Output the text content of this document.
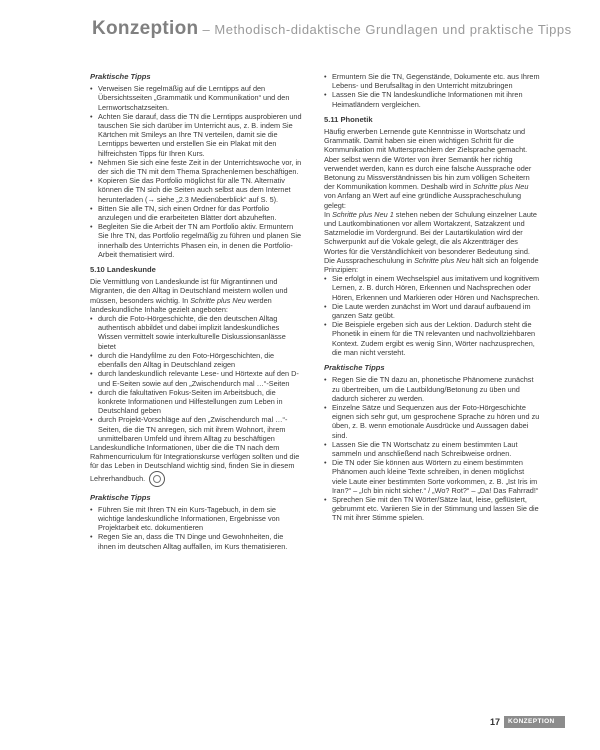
Konzeption – Methodisch-didaktische Grundlagen und praktische Tipps
Praktische Tipps
• Verweisen Sie regelmäßig auf die Lerntipps auf den Übersichtsseiten „Grammatik und Kommunikation“ und den Lernwortschatzseiten.
• Achten Sie darauf, dass die TN die Lerntipps ausprobieren und tauschen Sie sich darüber im Unterricht aus, z. B. indem Sie Kärtchen mit Smileys an Ihre TN verteilen, damit sie die Lerntipps bewerten und erstellen Sie ein Plakat mit den hilfreichsten Tipps für Ihren Kurs.
• Nehmen Sie sich eine feste Zeit in der Unterrichtswoche vor, in der sich die TN mit dem Thema Sprachenlernen beschäftigen.
• Kopieren Sie das Portfolio möglichst für alle TN. Alternativ können die TN sich die Seiten auch selbst aus dem Internet herunterladen (→ siehe „2.3 Medienüberblick“ auf S. 5).
• Bitten Sie alle TN, sich einen Ordner für das Portfolio anzulegen und die erarbeiteten Blätter dort abzuheften.
• Begleiten Sie die Arbeit der TN am Portfolio aktiv. Ermuntern Sie Ihre TN, das Portfolio regelmäßig zu führen und planen Sie innerhalb des Unterrichts Phasen ein, in denen die Portfolio-Arbeit thematisiert wird.
5.10 Landeskunde

Die Vermittlung von Landeskunde ist für Migrantinnen und Migranten, die den Alltag in Deutschland meistern wollen und müssen, besonders wichtig. In Schritte plus Neu werden landeskundliche Inhalte gezielt angeboten:

• durch die Foto-Hörgeschichte, die den deutschen Alltag authentisch abbildet und dabei implizit landeskundliches Wissen vermittelt sowie interkulturelle Diskussionsanlässe bietet
• durch die Handyfilme zu den Foto-Hörgeschichten, die ebenfalls den Alltag in Deutschland zeigen
• durch landeskundlich relevante Lese- und Hörtexte auf den D- und E-Seiten sowie auf den „Zwischendurch mal …“-Seiten
• durch die fakultativen Fokus-Seiten im Arbeitsbuch, die konkrete Informationen und Hilfestellungen zum Leben in Deutschland geben
• durch Projekt-Vorschläge auf den „Zwischendurch mal …“-Seiten, die die TN anregen, sich mit ihrem Wohnort, ihrem unmittelbaren Umfeld und ihrem Alltag zu beschäftigen

Landeskundliche Informationen, über die die TN nach dem Rahmencurriculum für Integrationskurse verfügen sollten und die für das Leben in Deutschland wichtig sind, finden Sie in diesem Lehrerhandbuch.

Praktische Tipps
• Führen Sie mit Ihren TN ein Kurs-Tagebuch, in dem sie wichtige landeskundliche Informationen, Ergebnisse von Projektarbeit etc. dokumentieren
• Regen Sie an, dass die TN Dinge und Gewohnheiten, die ihnen im deutschen Alltag auffallen, im Kurs thematisieren.
• Ermuntern Sie die TN, Gegenstände, Dokumente etc. aus Ihrem Lebens- und Berufsalltag in den Unterricht mitzubringen
• Lassen Sie die TN landeskundliche Informationen mit ihren Heimatländern vergleichen.
5.11 Phonetik

Häufig erwerben Lernende gute Kenntnisse in Wortschatz und Grammatik. Damit haben sie einen wichtigen Schritt für die Kommunikation mit Muttersprachlern der Zielsprache gemacht. Aber selbst wenn die Wörter von ihrer Semantik her richtig verwendet werden, kann es durch eine falsche Aussprache oder Betonung zu Missverständnissen bis hin zum völligen Scheitern der Kommunikation kommen. Deshalb wird in Schritte plus Neu von Anfang an Wert auf eine gründliche Ausspracheschulung gelegt:

In Schritte plus Neu 1 stehen neben der Schulung einzelner Laute und Lautkombinationen vor allem Wortakzent, Satzakzent und Satzmelodie im Vordergrund. Bei der Lautartikulation wird der Schwerpunkt auf die Vokale gelegt, die als Akzentträger des Wortes für die Verständlichkeit von besonderer Bedeutung sind.

Die Ausspracheschulung in Schritte plus Neu hält sich an folgende Prinzipien:

• Sie erfolgt in einem Wechselspiel aus imitativem und kognitivem Lernen, z. B. durch Hören, Erkennen und Nachsprechen oder Hören, Erkennen und Markieren oder Hören und Nachsprechen.
• Die Laute werden zunächst im Wort und darauf aufbauend im ganzen Satz geübt.
• Die Beispiele ergeben sich aus der Lektion. Dadurch steht die Phonetik in einem für die TN relevanten und nachvollziehbaren Kontext. Zudem ergibt es wenig Sinn, Wörter nachzusprechen, die man nicht versteht.
Praktische Tipps
• Regen Sie die TN dazu an, phonetische Phänomene zunächst zu übertreiben, um die Lautbildung/Betonung zu üben und dadurch sicherer zu werden.
• Einzelne Sätze und Sequenzen aus der Foto-Hörgeschichte eignen sich sehr gut, um gesprochene Sprache zu hören und zu üben, z. B. wenn emotionale Ausdrücke und Aussagen dabei sind.
• Lassen Sie die TN Wortschatz zu einem bestimmten Laut sammeln und anschließend nach Schreibweise ordnen.
• Die TN oder Sie können aus Wörtern zu einem bestimmten Phänomen auch kleine Texte schreiben, in denen möglichst viele Laute einer bestimmten Sorte vorkommen, z. B. „Ist Iris im Iran?“ – „Ich bin nicht sicher.“ / „Wo? Rot?“ – „Da! Das Fahrrad!“
• Sprechen Sie mit den TN Wörter/Sätze laut, leise, geflüstert, gebrummt etc. Variieren Sie in der Stimmung und lassen Sie die TN mit ihrer Stimme spielen.
17	KONZEPTION
